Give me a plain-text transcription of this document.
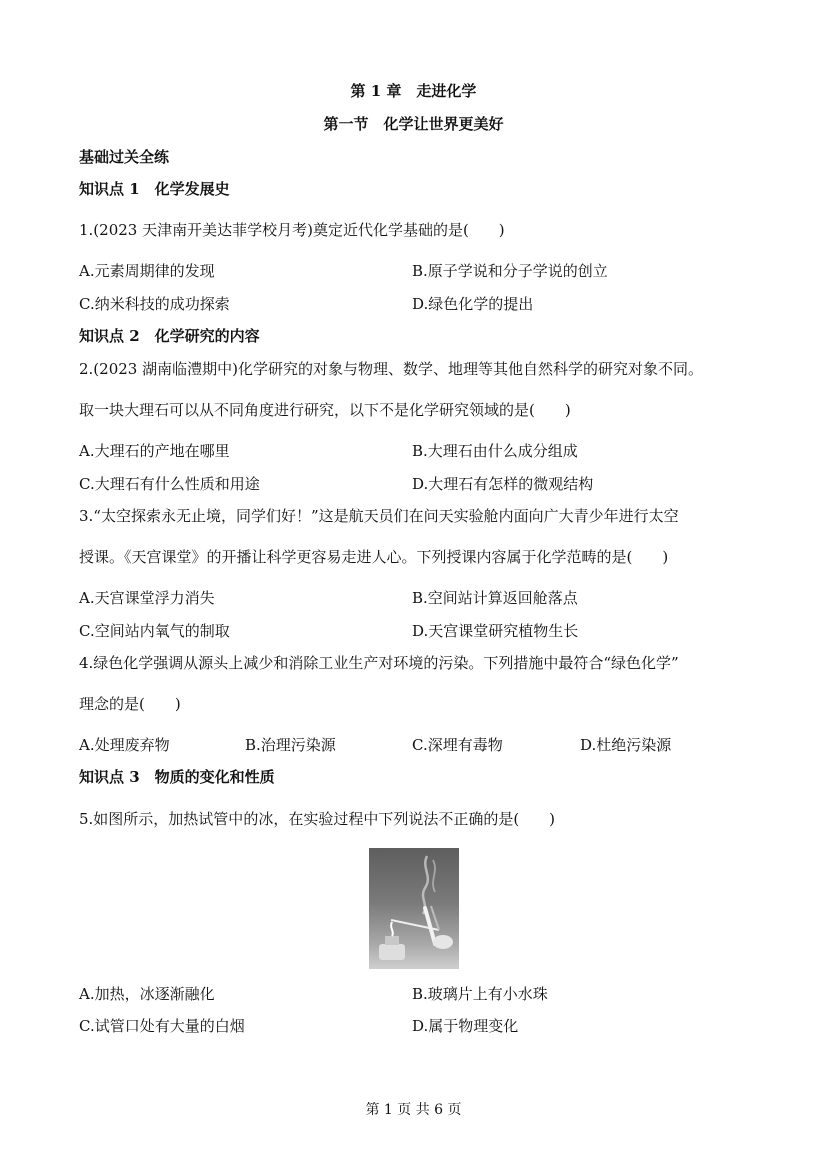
第 1 章　走进化学
第一节　化学让世界更美好
基础过关全练
知识点 1　化学发展史
1.(2023 天津南开美达菲学校月考)奠定近代化学基础的是(　　)
A.元素周期律的发现	B.原子学说和分子学说的创立
C.纳米科技的成功探索	D.绿色化学的提出
知识点 2　化学研究的内容
2.(2023 湖南临澧期中)化学研究的对象与物理、数学、地理等其他自然科学的研究对象不同。
取一块大理石可以从不同角度进行研究，以下不是化学研究领域的是(　　)
A.大理石的产地在哪里	B.大理石由什么成分组成
C.大理石有什么性质和用途	D.大理石有怎样的微观结构
3.“太空探索永无止境，同学们好！”这是航天员们在问天实验舱内面向广大青少年进行太空
授课。《天宫课堂》的开播让科学更容易走进人心。下列授课内容属于化学范畴的是(　　)
A.天宫课堂浮力消失	B.空间站计算返回舱落点
C.空间站内氧气的制取	D.天宫课堂研究植物生长
4.绿色化学强调从源头上减少和消除工业生产对环境的污染。下列措施中最符合“绿色化学”
理念的是(　　)
A.处理废弃物	B.治理污染源	C.深埋有毒物	D.杜绝污染源
知识点 3　物质的变化和性质
5.如图所示，加热试管中的冰，在实验过程中下列说法不正确的是(　　)
A.加热，冰逐渐融化	B.玻璃片上有小水珠
C.试管口处有大量的白烟	D.属于物理变化
第 1 页 共 6 页
